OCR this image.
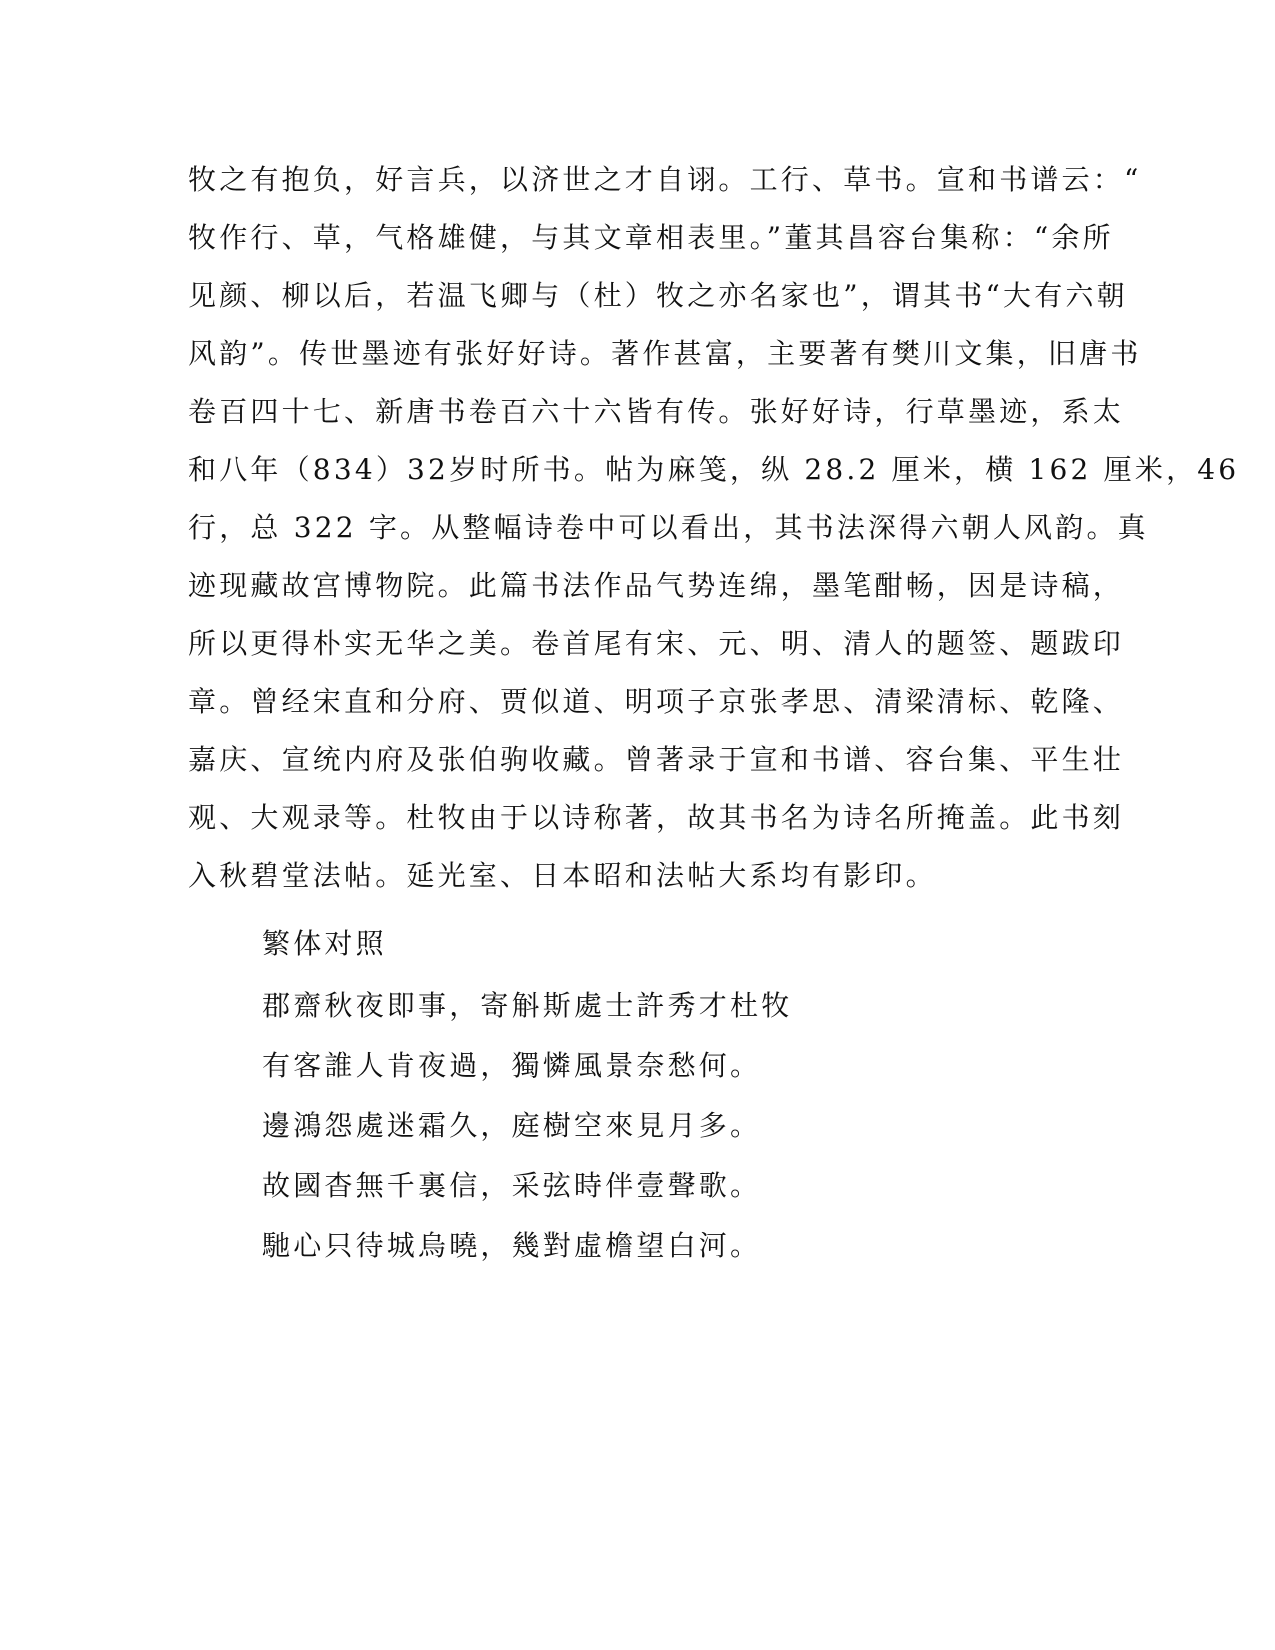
牧之有抱负，好言兵，以济世之才自诩。工行、草书。宣和书谱云：“
牧作行、草，气格雄健，与其文章相表里。”董其昌容台集称：“余所
见颜、柳以后，若温飞卿与（杜）牧之亦名家也”，谓其书“大有六朝
风韵”。传世墨迹有张好好诗。著作甚富，主要著有樊川文集，旧唐书
卷百四十七、新唐书卷百六十六皆有传。张好好诗，行草墨迹，系太
和八年（834）32岁时所书。帖为麻笺，纵 28.2 厘米，横 162 厘米，46
行，总 322 字。从整幅诗卷中可以看出，其书法深得六朝人风韵。真
迹现藏故宫博物院。此篇书法作品气势连绵，墨笔酣畅，因是诗稿，
所以更得朴实无华之美。卷首尾有宋、元、明、清人的题签、题跋印
章。曾经宋直和分府、贾似道、明项子京张孝思、清梁清标、乾隆、
嘉庆、宣统内府及张伯驹收藏。曾著录于宣和书谱、容台集、平生壮
观、大观录等。杜牧由于以诗称著，故其书名为诗名所掩盖。此书刻
入秋碧堂法帖。延光室、日本昭和法帖大系均有影印。
繁体对照
郡齋秋夜即事，寄斛斯處士許秀才杜牧
有客誰人肯夜過，獨憐風景奈愁何。
邊鴻怨處迷霜久，庭樹空來見月多。
故國杳無千裏信，采弦時伴壹聲歌。
馳心只待城烏曉，幾對虛檐望白河。
